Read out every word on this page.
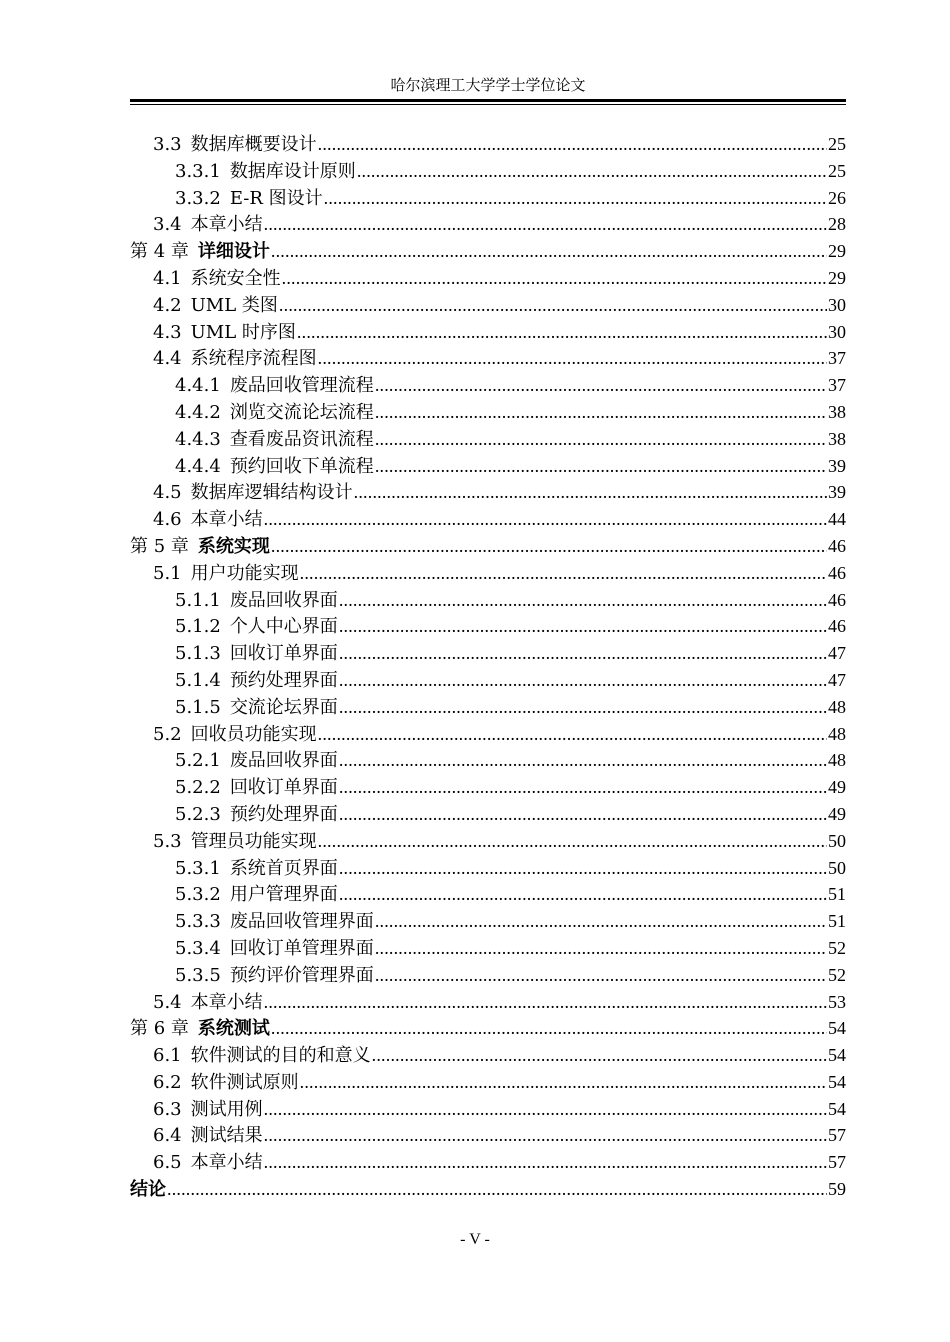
哈尔滨理工大学学士学位论文
3.3 数据库概要设计 .....	25
3.3.1 数据库设计原则 .....	25
3.3.2 E-R 图设计 .....	26
3.4 本章小结 .....	28
第 4 章 详细设计 .....	29
4.1 系统安全性 .....	29
4.2 UML 类图 .....	30
4.3 UML 时序图 .....	30
4.4 系统程序流程图 .....	37
4.4.1 废品回收管理流程 .....	37
4.4.2 浏览交流论坛流程 .....	38
4.4.3 查看废品资讯流程 .....	38
4.4.4 预约回收下单流程 .....	39
4.5 数据库逻辑结构设计 .....	39
4.6 本章小结 .....	44
第 5 章 系统实现 .....	46
5.1 用户功能实现 .....	46
5.1.1 废品回收界面 .....	46
5.1.2 个人中心界面 .....	46
5.1.3 回收订单界面 .....	47
5.1.4 预约处理界面 .....	47
5.1.5 交流论坛界面 .....	48
5.2 回收员功能实现 .....	48
5.2.1 废品回收界面 .....	48
5.2.2 回收订单界面 .....	49
5.2.3 预约处理界面 .....	49
5.3 管理员功能实现 .....	50
5.3.1 系统首页界面 .....	50
5.3.2 用户管理界面 .....	51
5.3.3 废品回收管理界面 .....	51
5.3.4 回收订单管理界面 .....	52
5.3.5 预约评价管理界面 .....	52
5.4 本章小结 .....	53
第 6 章 系统测试 .....	54
6.1 软件测试的目的和意义 .....	54
6.2 软件测试原则 .....	54
6.3 测试用例 .....	54
6.4 测试结果 .....	57
6.5 本章小结 .....	57
结论 .....	59
- V -
